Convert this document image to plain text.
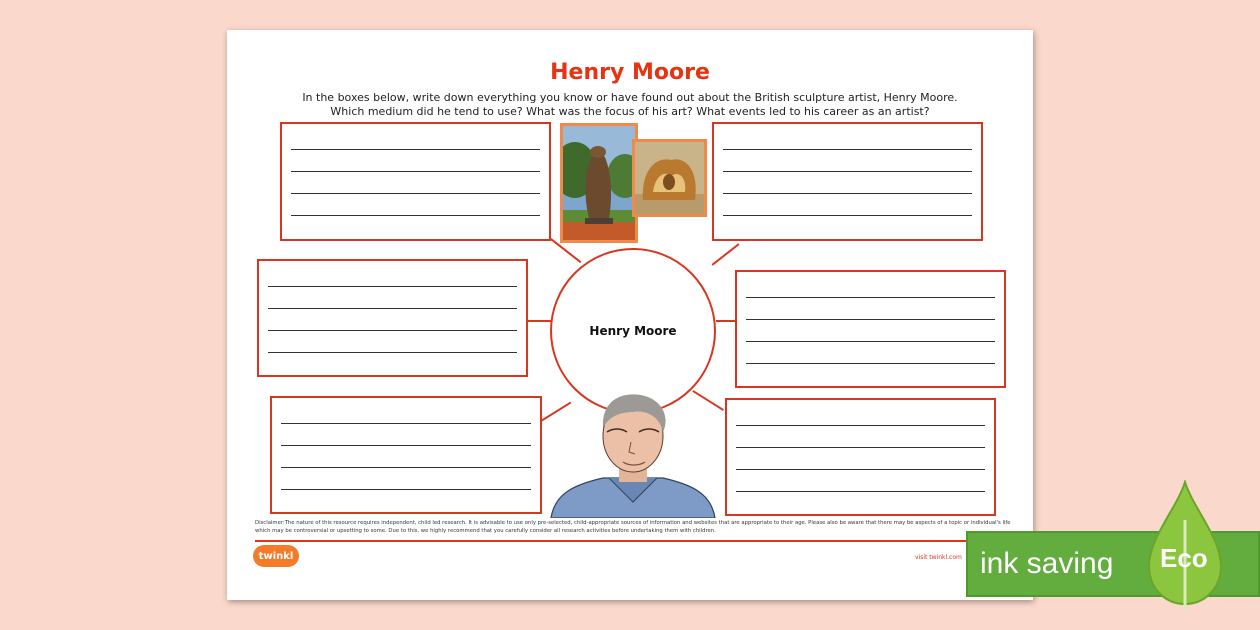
Henry Moore
In the boxes below, write down everything you know or have found out about the British sculpture artist, Henry Moore.
Which medium did he tend to use? What was the focus of his art? What events led to his career as an artist?
Henry Moore
Disclaimer:The nature of this resource requires independent, child led research. It is advisable to use only pre-selected, child-appropriate sources of information and websites that are appropriate to their age. Please also be aware that there may be aspects of a topic or individual's life which may be controversial or upsetting to some. Due to this, we highly recommend that you carefully consider all research activities before undertaking them with children.
twinkl	visit twinkl.com ink saving Eco
